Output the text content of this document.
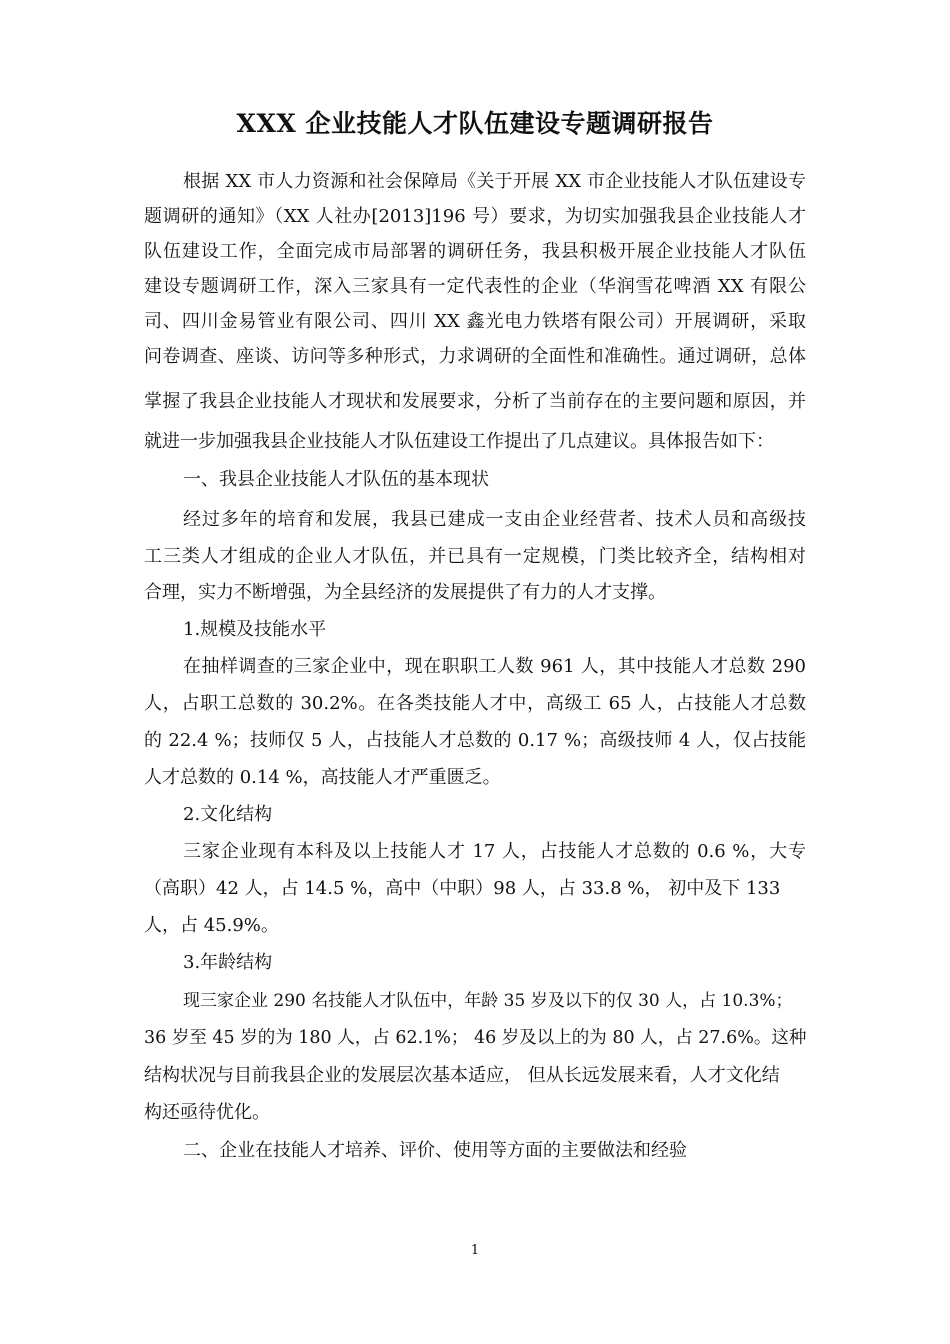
XXX 企业技能人才队伍建设专题调研报告

根据 XX 市人力资源和社会保障局《关于开展 XX 市企业技能人才队伍建设专

题调研的通知》（XX 人社办[2013]196 号）要求，为切实加强我县企业技能人才

队伍建设工作，全面完成市局部署的调研任务，我县积极开展企业技能人才队伍

建设专题调研工作，深入三家具有一定代表性的企业（华润雪花啤酒 XX 有限公

司、四川金易管业有限公司、四川 XX 鑫光电力铁塔有限公司）开展调研，采取

问卷调查、座谈、访问等多种形式，力求调研的全面性和准确性。通过调研，总体

掌握了我县企业技能人才现状和发展要求，分析了当前存在的主要问题和原因，并

就进一步加强我县企业技能人才队伍建设工作提出了几点建议。具体报告如下：

一、我县企业技能人才队伍的基本现状

经过多年的培育和发展，我县已建成一支由企业经营者、技术人员和高级技

工三类人才组成的企业人才队伍，并已具有一定规模，门类比较齐全，结构相对

合理，实力不断增强，为全县经济的发展提供了有力的人才支撑。

1.规模及技能水平

在抽样调查的三家企业中，现在职职工人数 961 人，其中技能人才总数 290

人，占职工总数的 30.2%。在各类技能人才中，高级工 65 人，占技能人才总数

的 22.4 %；技师仅 5 人，占技能人才总数的 0.17 %；高级技师 4 人，仅占技能

人才总数的 0.14 %，高技能人才严重匮乏。

2.文化结构

三家企业现有本科及以上技能人才 17 人，占技能人才总数的 0.6 %，大专

（高职）42 人，占 14.5 %，高中（中职）98 人，占 33.8 %， 初中及下 133

人，占 45.9%。

3.年龄结构

现三家企业 290 名技能人才队伍中，年龄 35 岁及以下的仅 30 人，占 10.3%；

36 岁至 45 岁的为 180 人，占 62.1%； 46 岁及以上的为 80 人，占 27.6%。这种

结构状况与目前我县企业的发展层次基本适应， 但从长远发展来看，人才文化结

构还亟待优化。

二、企业在技能人才培养、评价、使用等方面的主要做法和经验

1
